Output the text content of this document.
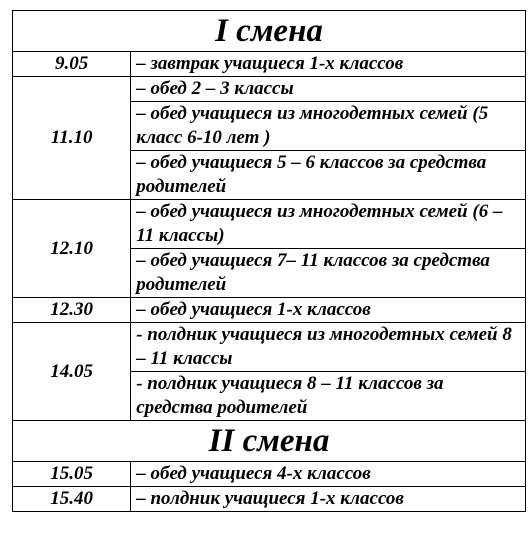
I смена	
9.05	– завтрак учащиеся 1-х классов
11.10	– обед 2 – 3 классы
	– обед учащиеся из многодетных семей (5 класс 6-10 лет )
	– обед учащиеся 5 – 6 классов за средства родителей
12.10	– обед учащиеся из многодетных семей (6 – 11 классы)
	– обед учащиеся 7– 11 классов за средства родителей
12.30	– обед учащиеся 1-х классов
14.05	- полдник учащиеся из многодетных семей 8 – 11 классы
	- полдник учащиеся 8 – 11 классов за средства родителей
II смена	
15.05	– обед учащиеся 4-х классов
15.40	– полдник учащиеся 1-х классов
